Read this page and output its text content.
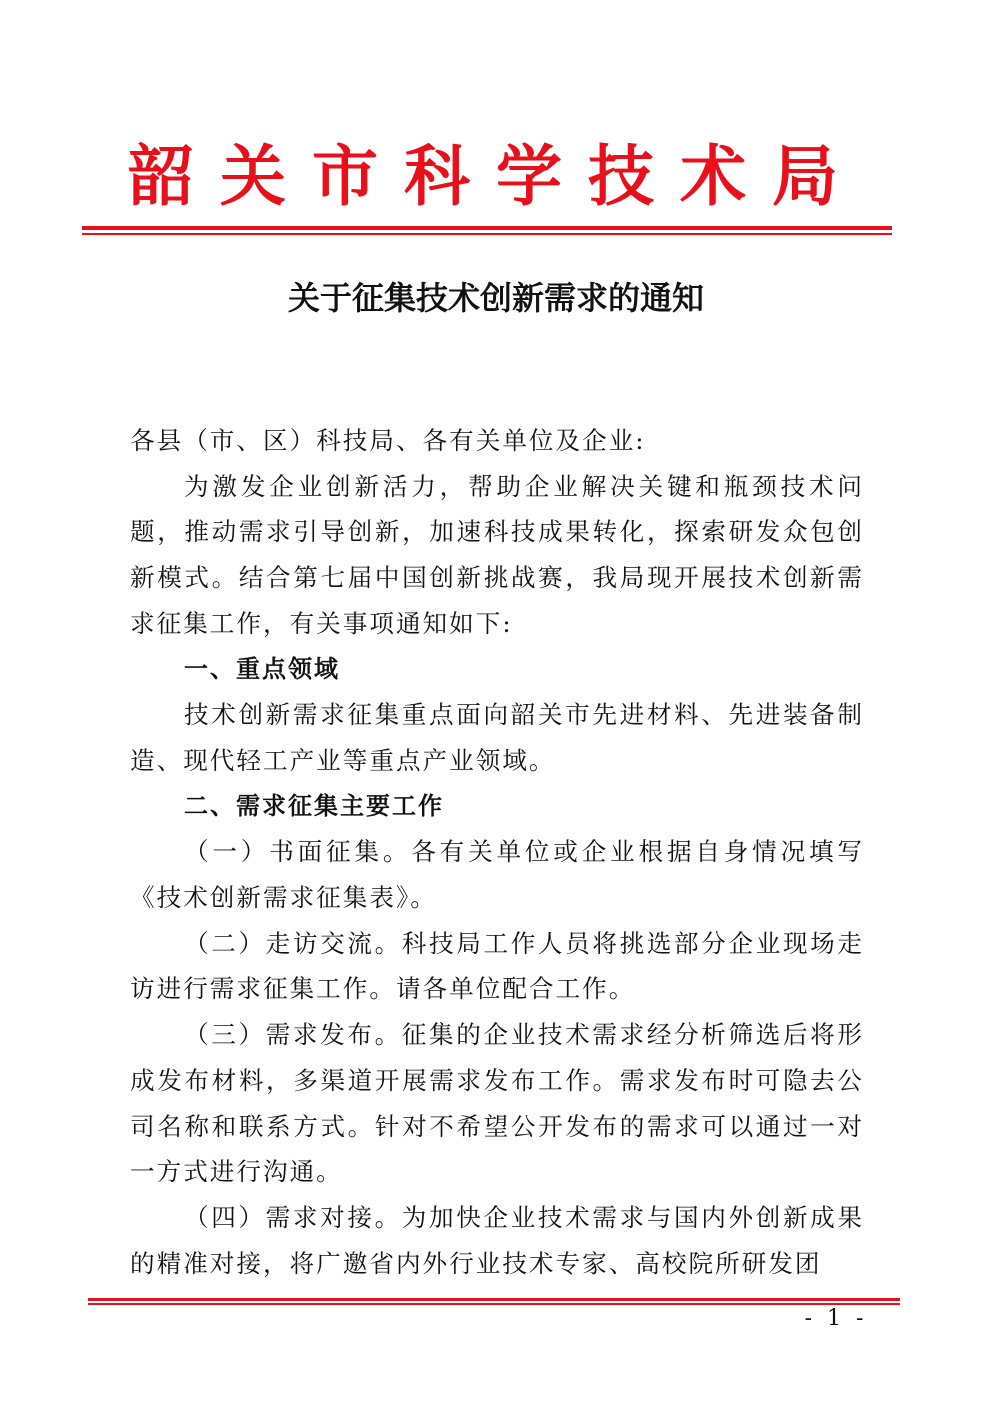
韶关市科学技术局
关于征集技术创新需求的通知

各县（市、区）科技局、各有关单位及企业:

为激发企业创新活力，帮助企业解决关键和瓶颈技术问题，推动需求引导创新，加速科技成果转化，探索研发众包创新模式。结合第七届中国创新挑战赛，我局现开展技术创新需求征集工作，有关事项通知如下:

一、重点领域

技术创新需求征集重点面向韶关市先进材料、先进装备制造、现代轻工产业等重点产业领域。

二、需求征集主要工作

（一）书面征集。各有关单位或企业根据自身情况填写《技术创新需求征集表》。

（二）走访交流。科技局工作人员将挑选部分企业现场走访进行需求征集工作。请各单位配合工作。

（三）需求发布。征集的企业技术需求经分析筛选后将形成发布材料，多渠道开展需求发布工作。需求发布时可隐去公司名称和联系方式。针对不希望公开发布的需求可以通过一对一方式进行沟通。

（四）需求对接。为加快企业技术需求与国内外创新成果的精准对接，将广邀省内外行业技术专家、高校院所研发团

- 1 -
